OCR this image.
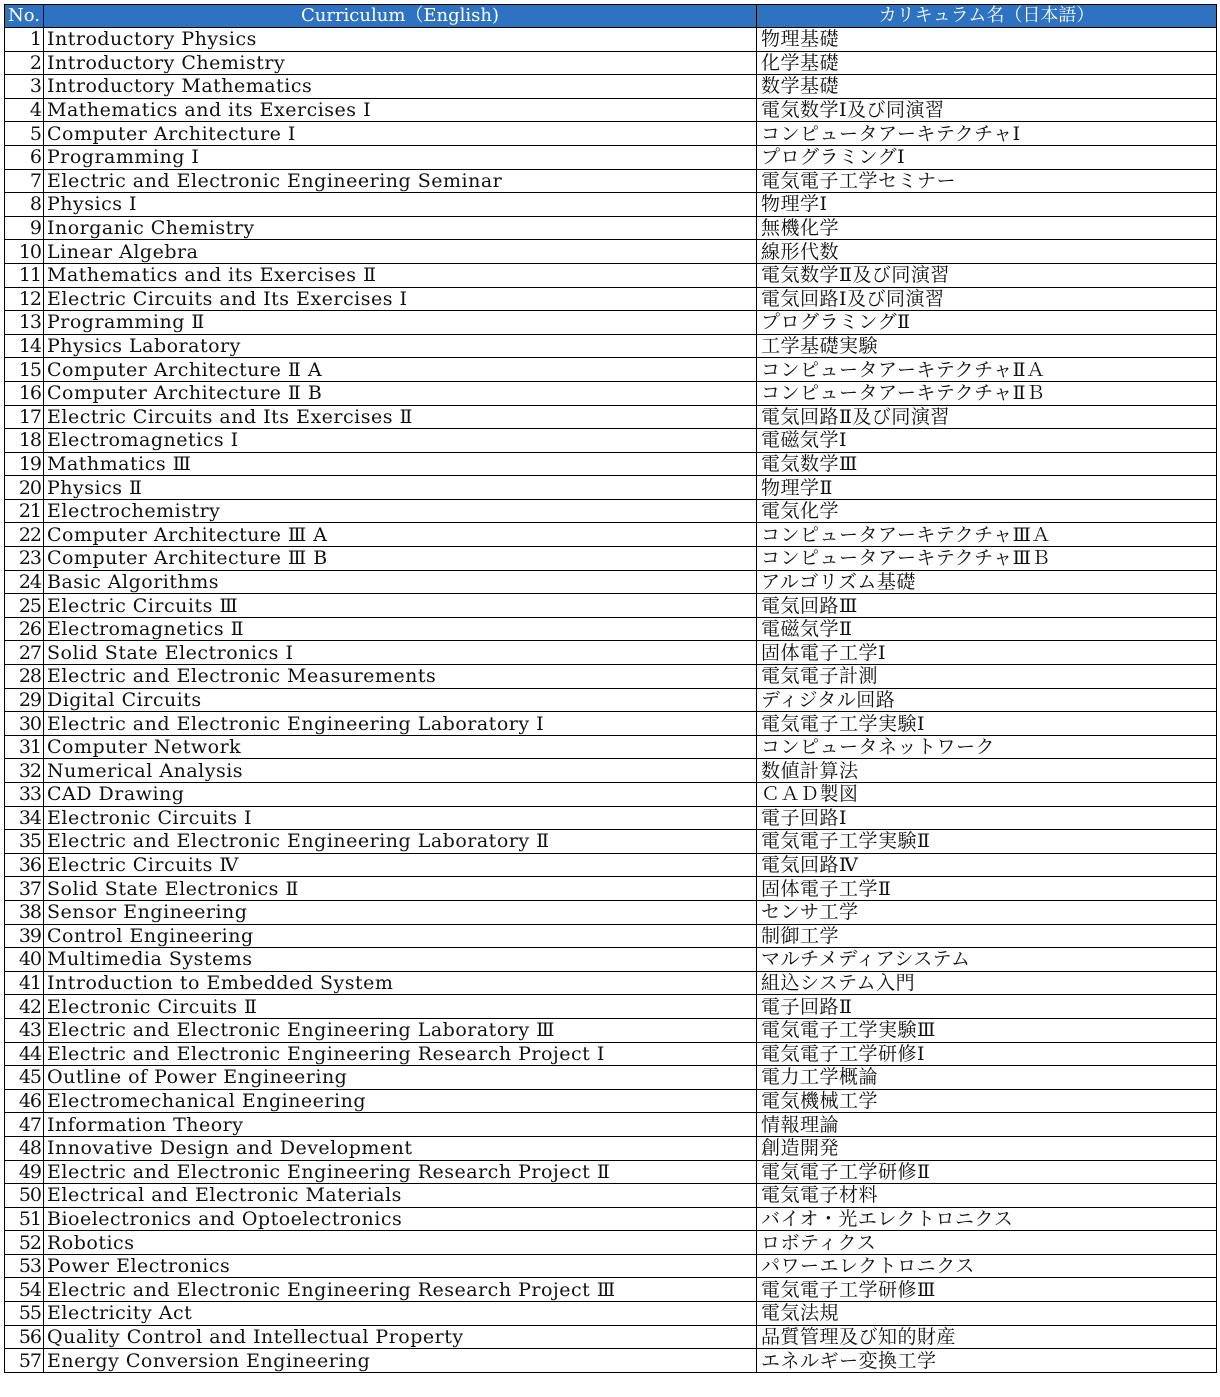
No.	Curriculum（English)	カリキュラム名（日本語）
1	Introductory Physics	物理基礎
2	Introductory Chemistry	化学基礎
3	Introductory Mathematics	数学基礎
4	Mathematics and its Exercises Ⅰ	電気数学Ⅰ及び同演習
5	Computer Architecture Ⅰ	コンピュータアーキテクチャⅠ
6	Programming Ⅰ	プログラミングⅠ
7	Electric and Electronic Engineering Seminar	電気電子工学セミナー
8	Physics Ⅰ	物理学Ⅰ
9	Inorganic Chemistry	無機化学
10	Linear Algebra	線形代数
11	Mathematics and its Exercises Ⅱ	電気数学Ⅱ及び同演習
12	Electric Circuits and Its Exercises Ⅰ	電気回路Ⅰ及び同演習
13	Programming Ⅱ	プログラミングⅡ
14	Physics Laboratory	工学基礎実験
15	Computer Architecture Ⅱ A	コンピュータアーキテクチャⅡＡ
16	Computer Architecture Ⅱ B	コンピュータアーキテクチャⅡＢ
17	Electric Circuits and Its Exercises Ⅱ	電気回路Ⅱ及び同演習
18	Electromagnetics Ⅰ	電磁気学Ⅰ
19	Mathmatics Ⅲ	電気数学Ⅲ
20	Physics Ⅱ	物理学Ⅱ
21	Electrochemistry	電気化学
22	Computer Architecture Ⅲ A	コンピュータアーキテクチャⅢＡ
23	Computer Architecture Ⅲ B	コンピュータアーキテクチャⅢＢ
24	Basic Algorithms	アルゴリズム基礎
25	Electric Circuits Ⅲ	電気回路Ⅲ
26	Electromagnetics Ⅱ	電磁気学Ⅱ
27	Solid State Electronics Ⅰ	固体電子工学Ⅰ
28	Electric and Electronic Measurements	電気電子計測
29	Digital Circuits	ディジタル回路
30	Electric and Electronic Engineering Laboratory Ⅰ	電気電子工学実験Ⅰ
31	Computer Network	コンピュータネットワーク
32	Numerical Analysis	数値計算法
33	CAD Drawing	ＣＡＤ製図
34	Electronic Circuits Ⅰ	電子回路Ⅰ
35	Electric and Electronic Engineering Laboratory Ⅱ	電気電子工学実験Ⅱ
36	Electric Circuits Ⅳ	電気回路Ⅳ
37	Solid State Electronics Ⅱ	固体電子工学Ⅱ
38	Sensor Engineering	センサ工学
39	Control Engineering	制御工学
40	Multimedia Systems	マルチメディアシステム
41	Introduction to Embedded System	組込システム入門
42	Electronic Circuits Ⅱ	電子回路Ⅱ
43	Electric and Electronic Engineering Laboratory Ⅲ	電気電子工学実験Ⅲ
44	Electric and Electronic Engineering Research Project Ⅰ	電気電子工学研修Ⅰ
45	Outline of Power Engineering	電力工学概論
46	Electromechanical Engineering	電気機械工学
47	Information Theory	情報理論
48	Innovative Design and Development	創造開発
49	Electric and Electronic Engineering Research Project Ⅱ	電気電子工学研修Ⅱ
50	Electrical and Electronic Materials	電気電子材料
51	Bioelectronics and Optoelectronics	バイオ・光エレクトロニクス
52	Robotics	ロボティクス
53	Power Electronics	パワーエレクトロニクス
54	Electric and Electronic Engineering Research Project Ⅲ	電気電子工学研修Ⅲ
55	Electricity Act	電気法規
56	Quality Control and Intellectual Property	品質管理及び知的財産
57	Energy Conversion Engineering	エネルギー変換工学
